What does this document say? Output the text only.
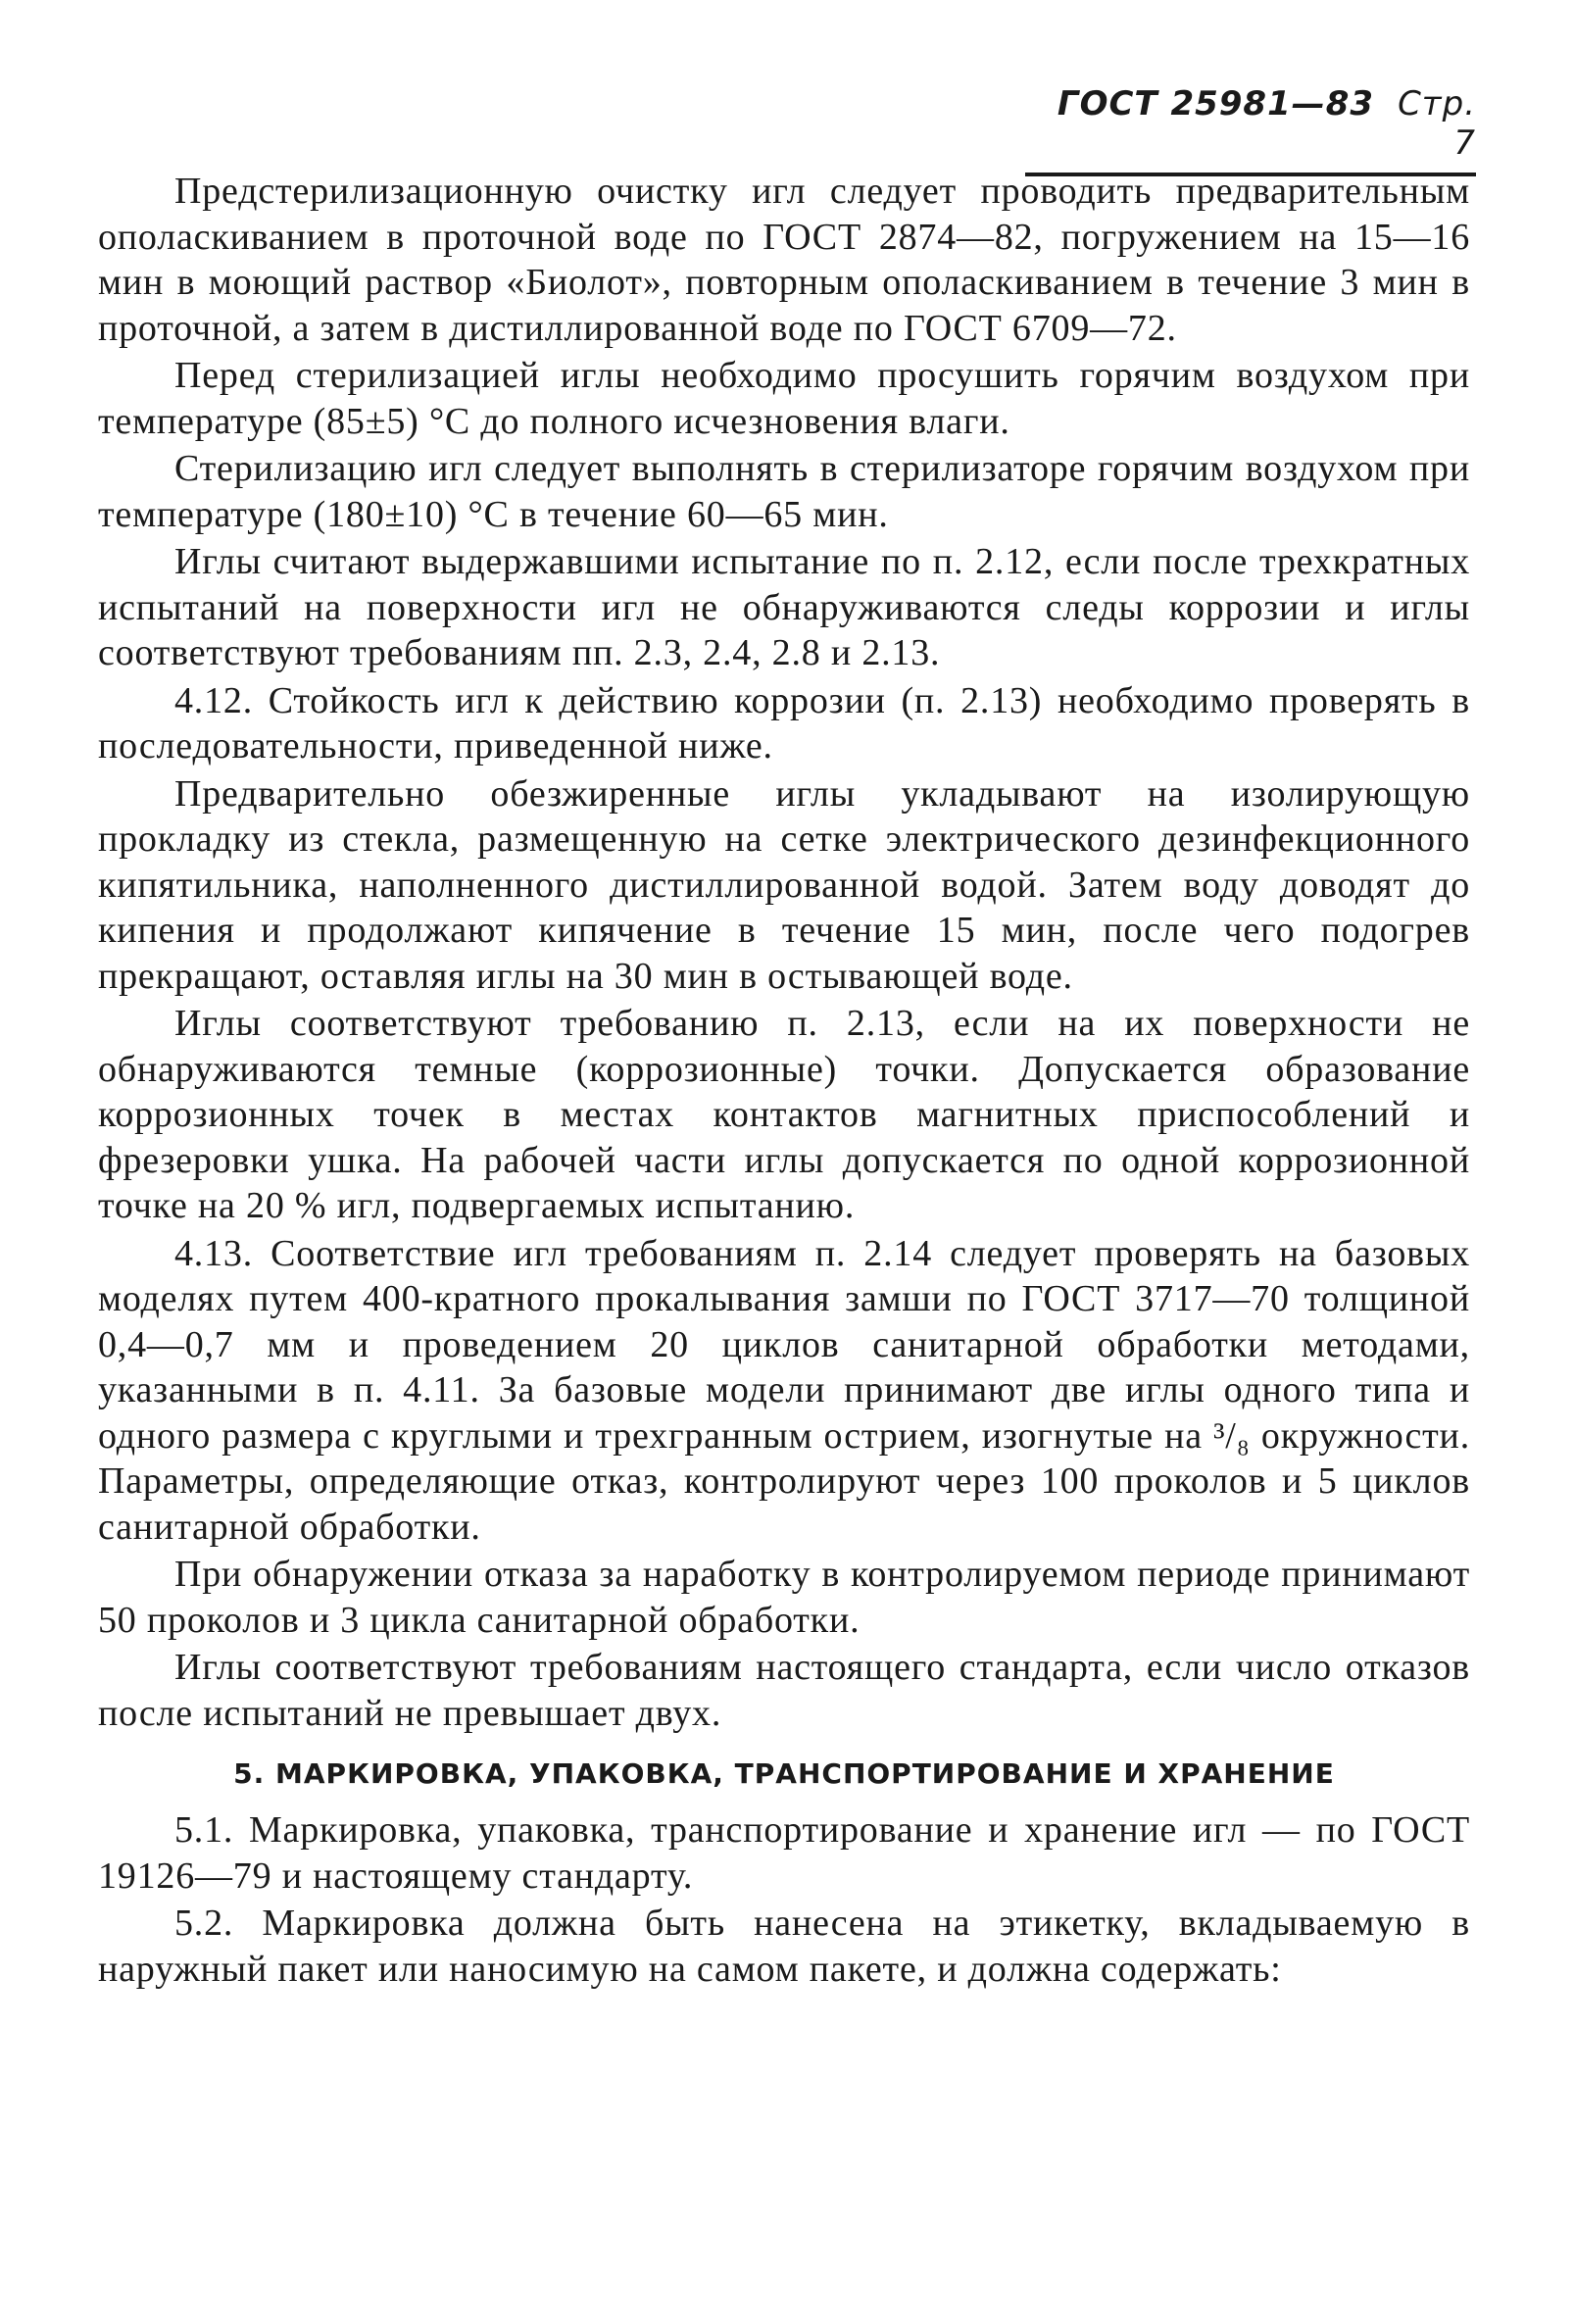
ГОСТ 25981—83 Стр. 7

Предстерилизационную очистку игл следует проводить предварительным ополаскиванием в проточной воде по ГОСТ 2874—82, погружением на 15—16 мин в моющий раствор «Биолот», повторным ополаскиванием в течение 3 мин в проточной, а затем в дистиллированной воде по ГОСТ 6709—72.

Перед стерилизацией иглы необходимо просушить горячим воздухом при температуре (85±5) °С до полного исчезновения влаги.

Стерилизацию игл следует выполнять в стерилизаторе горячим воздухом при температуре (180±10) °С в течение 60—65 мин.

Иглы считают выдержавшими испытание по п. 2.12, если после трехкратных испытаний на поверхности игл не обнаруживаются следы коррозии и иглы соответствуют требованиям пп. 2.3, 2.4, 2.8 и 2.13.

4.12. Стойкость игл к действию коррозии (п. 2.13) необходимо проверять в последовательности, приведенной ниже.

Предварительно обезжиренные иглы укладывают на изолирующую прокладку из стекла, размещенную на сетке электрического дезинфекционного кипятильника, наполненного дистиллированной водой. Затем воду доводят до кипения и продолжают кипячение в течение 15 мин, после чего подогрев прекращают, оставляя иглы на 30 мин в остывающей воде.

Иглы соответствуют требованию п. 2.13, если на их поверхности не обнаруживаются темные (коррозионные) точки. Допускается образование коррозионных точек в местах контактов магнитных приспособлений и фрезеровки ушка. На рабочей части иглы допускается по одной коррозионной точке на 20 % игл, подвергаемых испытанию.

4.13. Соответствие игл требованиям п. 2.14 следует проверять на базовых моделях путем 400-кратного прокалывания замши по ГОСТ 3717—70 толщиной 0,4—0,7 мм и проведением 20 циклов санитарной обработки методами, указанными в п. 4.11. За базовые модели принимают две иглы одного типа и одного размера с круглыми и трехгранным острием, изогнутые на ³/₈ окружности. Параметры, определяющие отказ, контролируют через 100 проколов и 5 циклов санитарной обработки.

При обнаружении отказа за наработку в контролируемом периоде принимают 50 проколов и 3 цикла санитарной обработки.

Иглы соответствуют требованиям настоящего стандарта, если число отказов после испытаний не превышает двух.

5. МАРКИРОВКА, УПАКОВКА, ТРАНСПОРТИРОВАНИЕ И ХРАНЕНИЕ

5.1. Маркировка, упаковка, транспортирование и хранение игл — по ГОСТ 19126—79 и настоящему стандарту.

5.2. Маркировка должна быть нанесена на этикетку, вкладываемую в наружный пакет или наносимую на самом пакете, и должна содержать:
